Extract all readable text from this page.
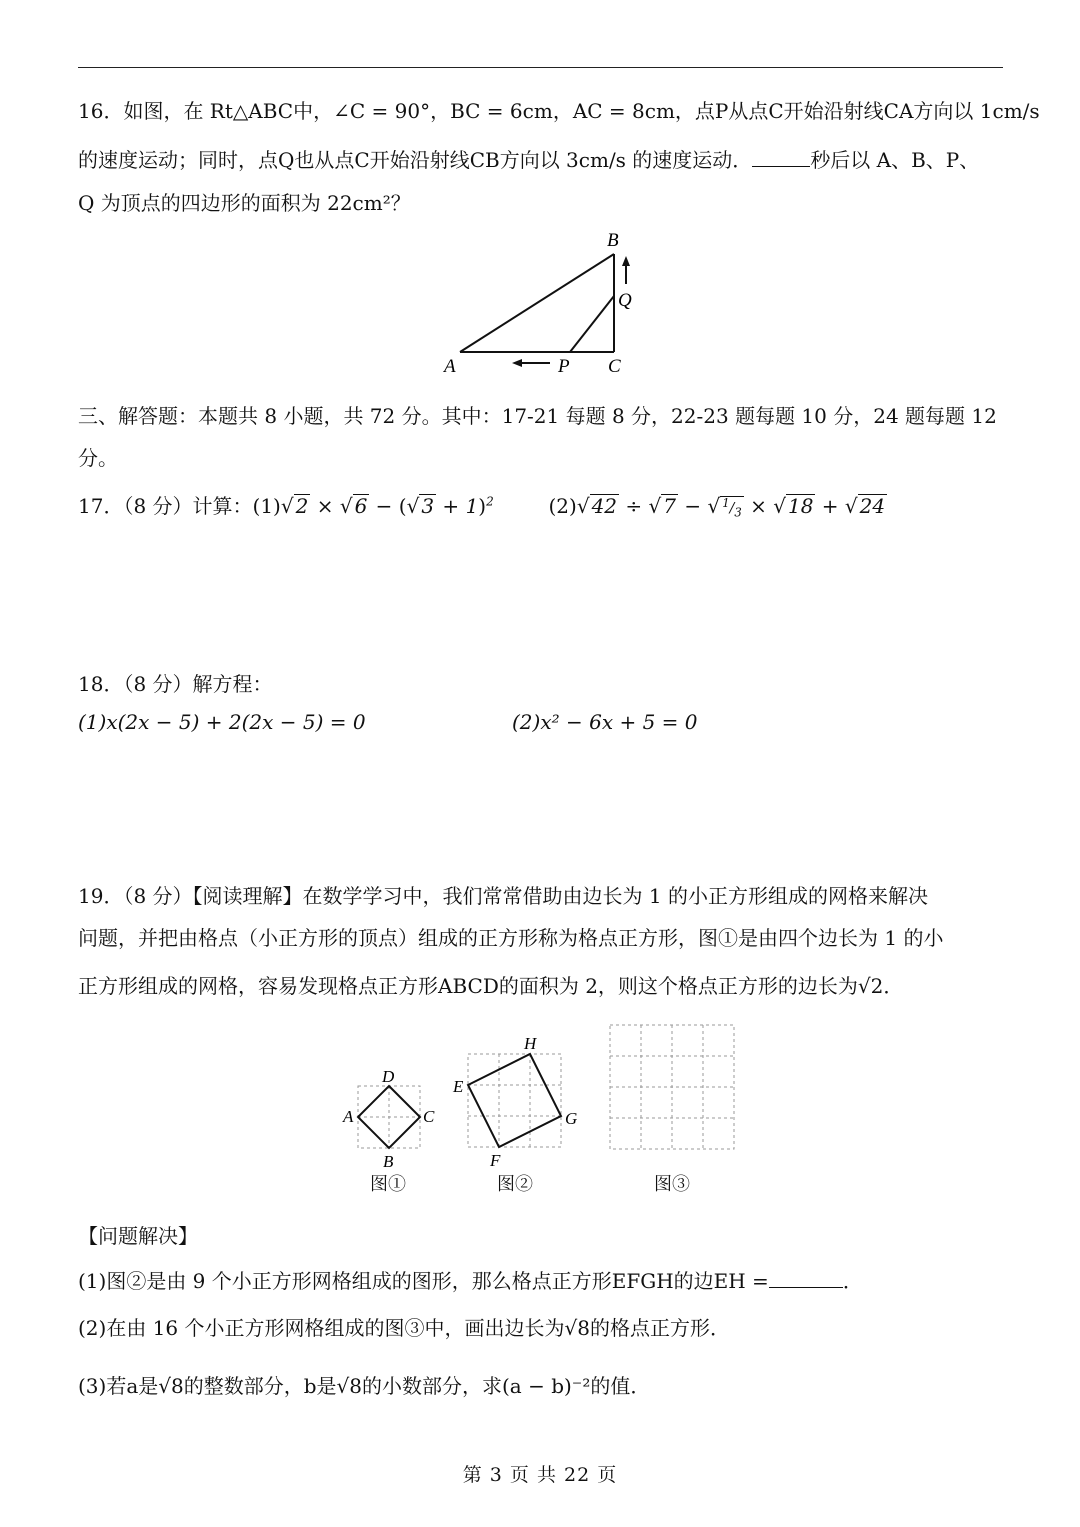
16．如图，在 Rt△ABC中，∠C = 90°，BC = 6cm，AC = 8cm，点P从点C开始沿射线CA方向以 1cm/s
的速度运动；同时，点Q也从点C开始沿射线CB方向以 3cm/s 的速度运动．	秒后以 A、B、P、
Q 为顶点的四边形的面积为 22cm²？
A
B
C
P
Q
三、解答题：本题共 8 小题，共 72 分。其中：17-21 每题 8 分，22-23 题每题 10 分，24 题每题 12
分。
17．（8 分）计算：(1)√ 2 × √ 6 − (√ 3 + 1)$^2$	(2)√ 42 ÷ √ 7 − √ $^1/_3$ × √ 18 + √ 24
18．（8 分）解方程：
(1)x(2x − 5) + 2(2x − 5) = 0	(2)x² − 6x + 5 = 0
19．（8 分）【阅读理解】在数学学习中，我们常常借助由边长为 1 的小正方形组成的网格来解决
问题，并把由格点（小正方形的顶点）组成的正方形称为格点正方形，图①是由四个边长为 1 的小
正方形组成的网格，容易发现格点正方形ABCD的面积为 2，则这个格点正方形的边长为√2．
D
A	C
B
图①
H
E
G
F
图②	图③
【问题解决】
(1)图②是由 9 个小正方形网格组成的图形，那么格点正方形EFGH的边EH =	．
(2)在由 16 个小正方形网格组成的图③中，画出边长为√8的格点正方形．
(3)若a是√8的整数部分，b是√8的小数部分，求(a − b)⁻²的值．
第 3 页 共 22 页
